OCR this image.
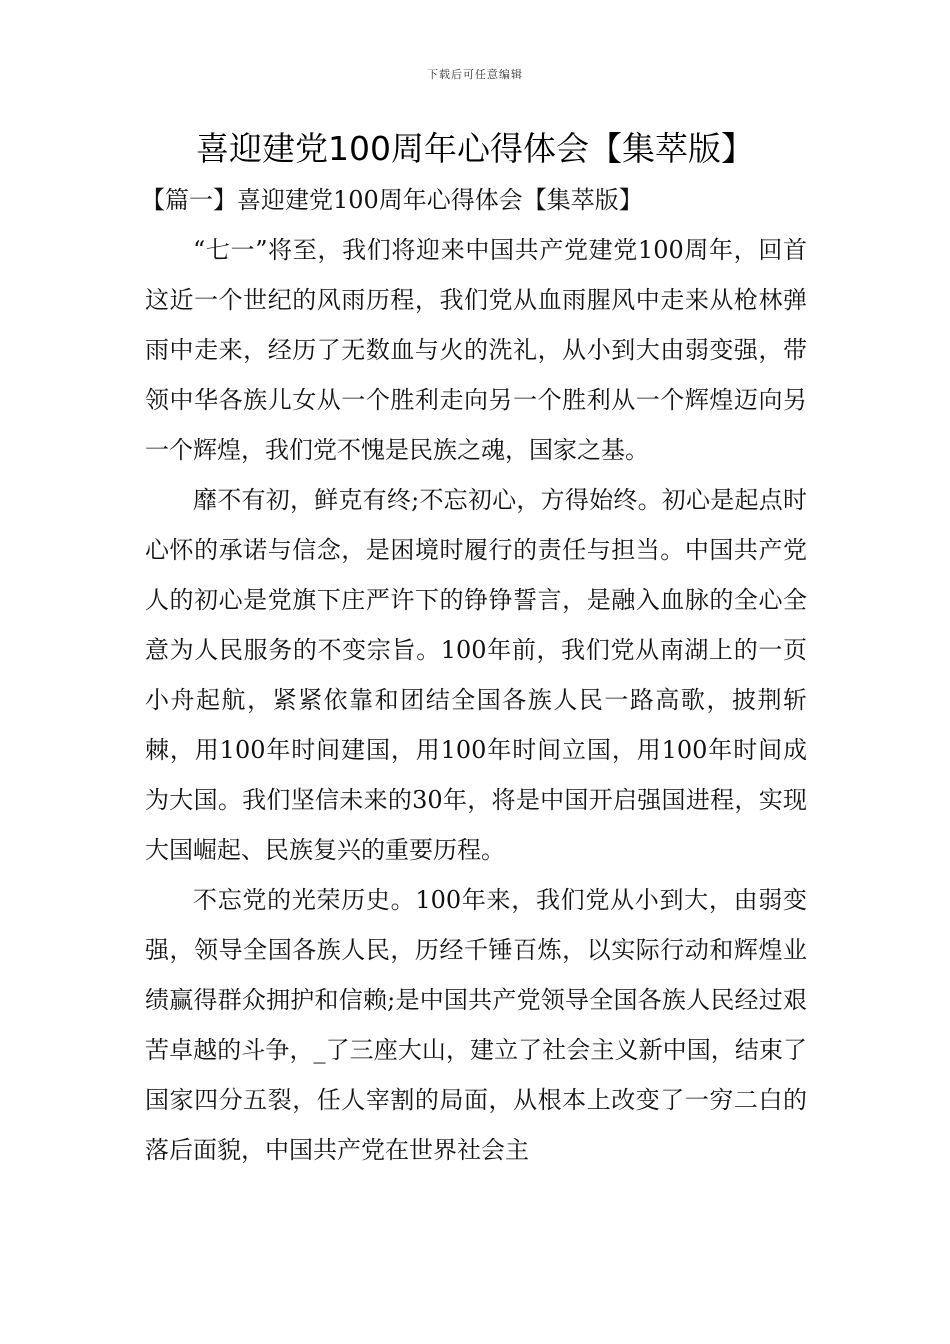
下载后可任意编辑
喜迎建党100周年心得体会【集萃版】
【篇一】喜迎建党100周年心得体会【集萃版】

“七一”将至，我们将迎来中国共产党建党100周年，回首这近一个世纪的风雨历程，我们党从血雨腥风中走来从枪林弹雨中走来，经历了无数血与火的洗礼，从小到大由弱变强，带领中华各族儿女从一个胜利走向另一个胜利从一个辉煌迈向另一个辉煌，我们党不愧是民族之魂，国家之基。

靡不有初，鲜克有终;不忘初心，方得始终。初心是起点时心怀的承诺与信念，是困境时履行的责任与担当。中国共产党人的初心是党旗下庄严许下的铮铮誓言，是融入血脉的全心全意为人民服务的不变宗旨。100年前，我们党从南湖上的一页小舟起航，紧紧依靠和团结全国各族人民一路高歌，披荆斩棘，用100年时间建国，用100年时间立国，用100年时间成为大国。我们坚信未来的30年，将是中国开启强国进程，实现大国崛起、民族复兴的重要历程。

不忘党的光荣历史。100年来，我们党从小到大，由弱变强，领导全国各族人民，历经千锤百炼，以实际行动和辉煌业绩赢得群众拥护和信赖;是中国共产党领导全国各族人民经过艰苦卓越的斗争，_了三座大山，建立了社会主义新中国，结束了国家四分五裂，任人宰割的局面，从根本上改变了一穷二白的落后面貌，中国共产党在世界社会主
